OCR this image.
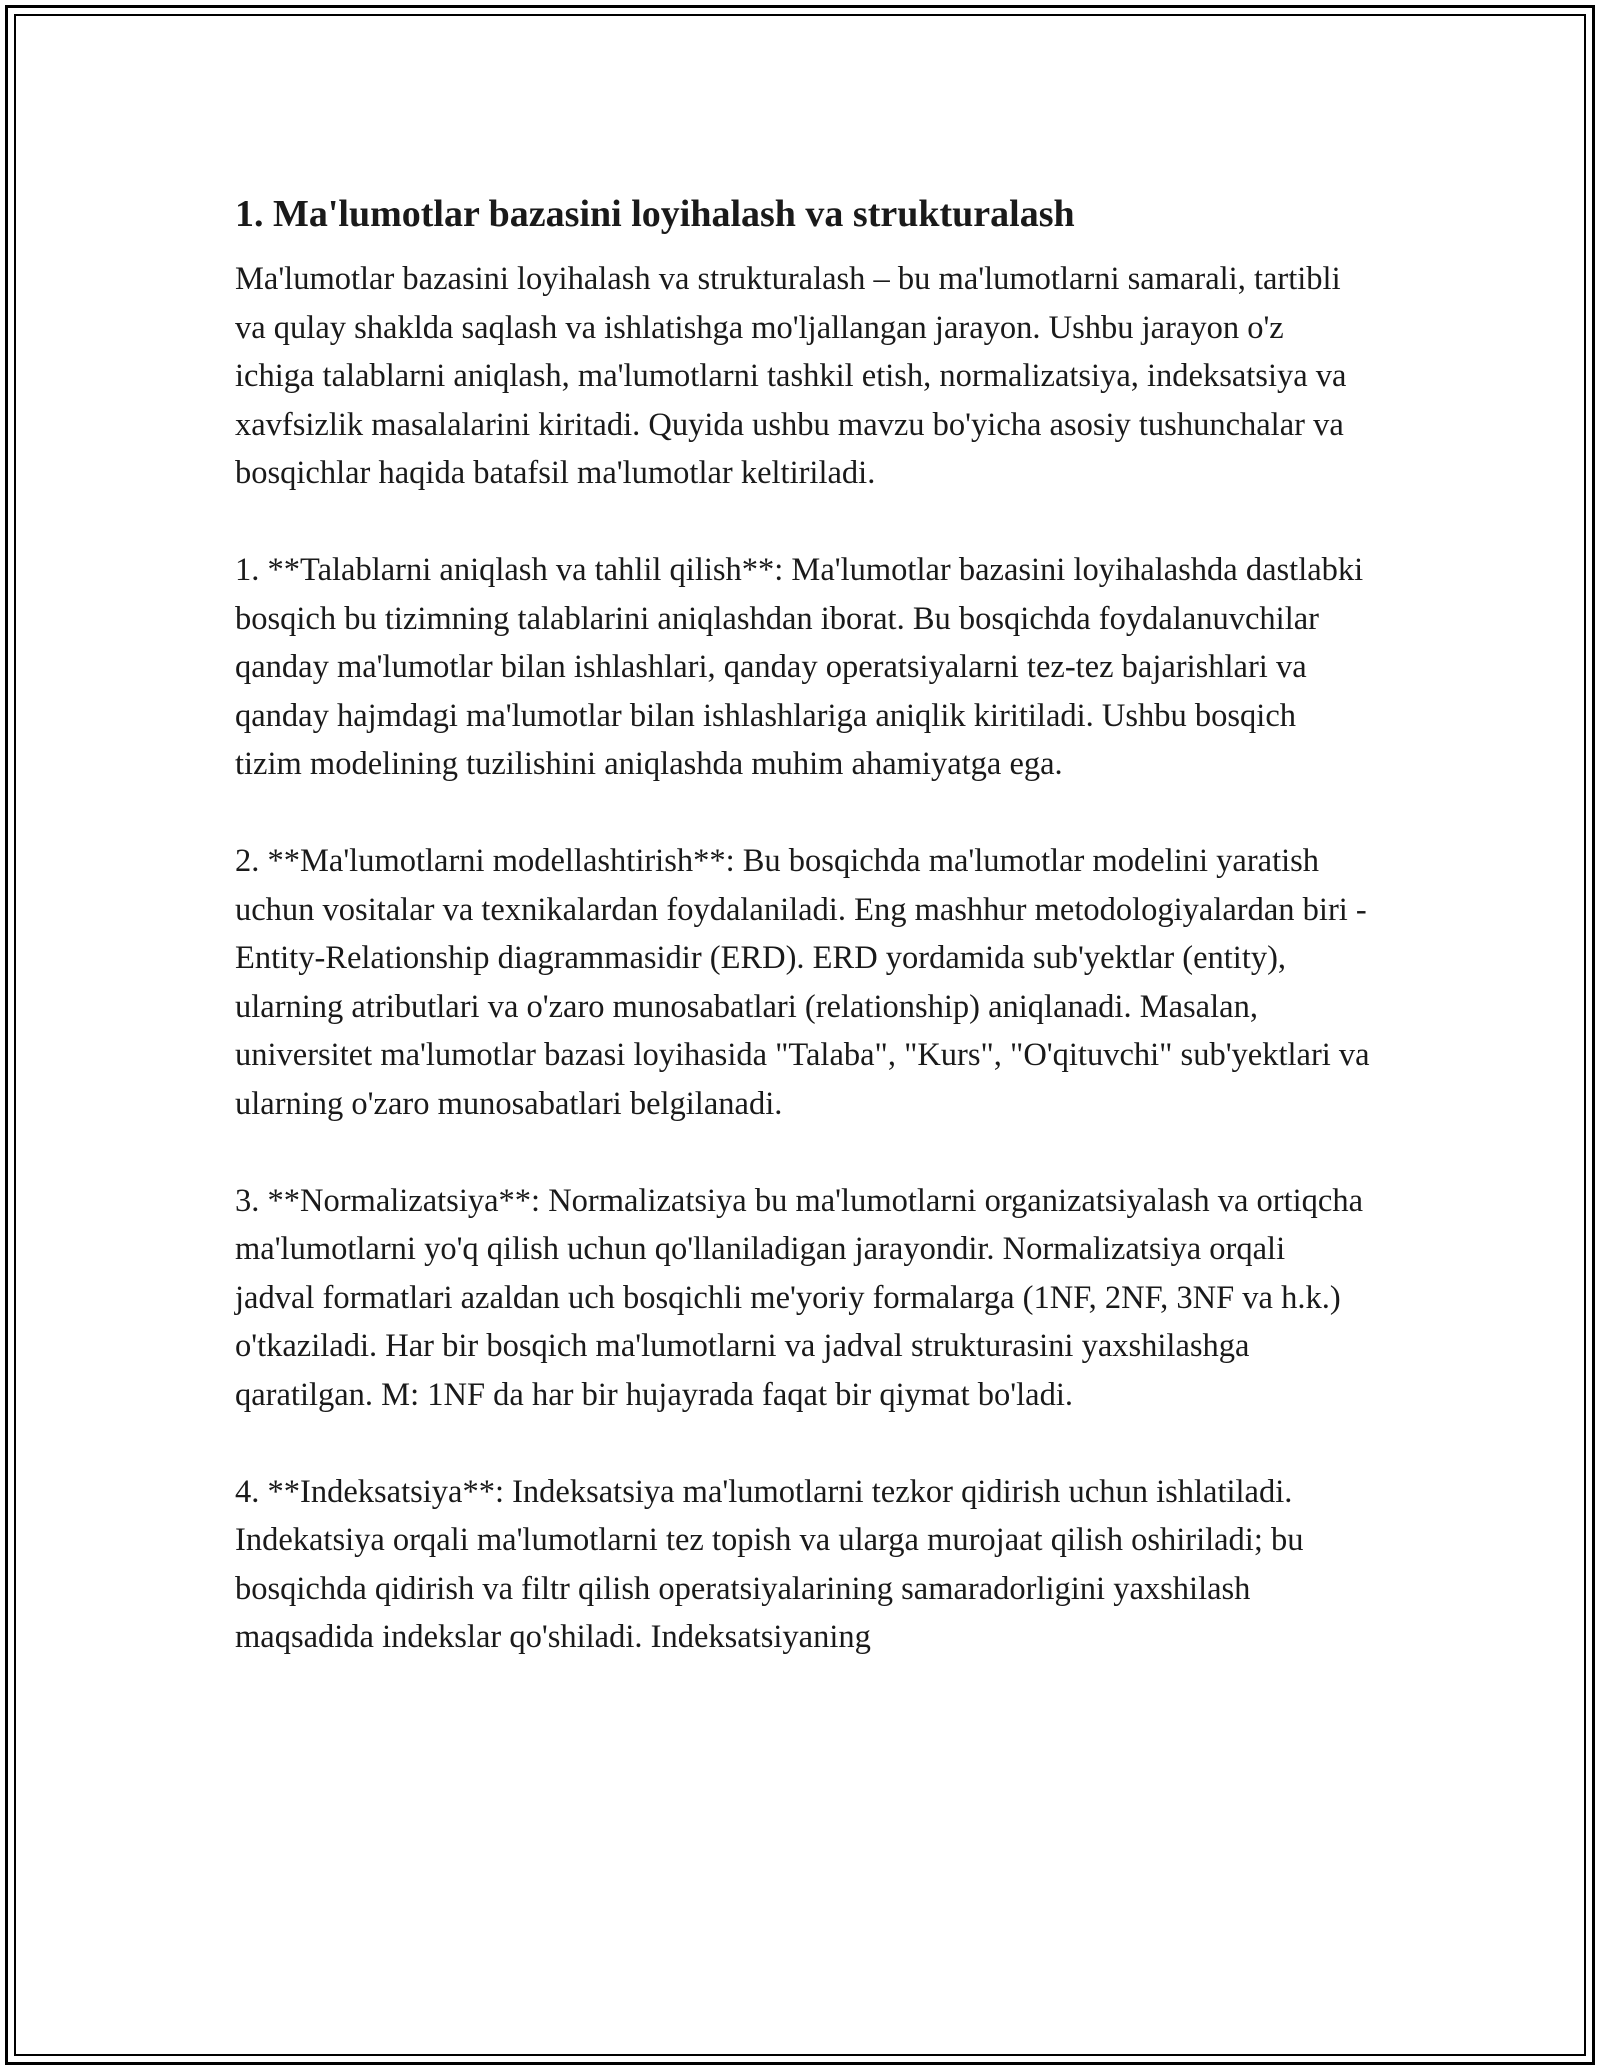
1. Ma'lumotlar bazasini loyihalash va strukturalash

Ma'lumotlar bazasini loyihalash va strukturalash – bu ma'lumotlarni samarali, tartibli va qulay shaklda saqlash va ishlatishga mo'ljallangan jarayon. Ushbu jarayon o'z ichiga talablarni aniqlash, ma'lumotlarni tashkil etish, normalizatsiya, indeksatsiya va xavfsizlik masalalarini kiritadi. Quyida ushbu mavzu bo'yicha asosiy tushunchalar va bosqichlar haqida batafsil ma'lumotlar keltiriladi.

1. **Talablarni aniqlash va tahlil qilish**: Ma'lumotlar bazasini loyihalashda dastlabki bosqich bu tizimning talablarini aniqlashdan iborat. Bu bosqichda foydalanuvchilar qanday ma'lumotlar bilan ishlashlari, qanday operatsiyalarni tez-tez bajarishlari va qanday hajmdagi ma'lumotlar bilan ishlashlariga aniqlik kiritiladi. Ushbu bosqich tizim modelining tuzilishini aniqlashda muhim ahamiyatga ega.

2. **Ma'lumotlarni modellashtirish**: Bu bosqichda ma'lumotlar modelini yaratish uchun vositalar va texnikalardan foydalaniladi. Eng mashhur metodologiyalardan biri - Entity-Relationship diagrammasidir (ERD). ERD yordamida sub'yektlar (entity), ularning atributlari va o'zaro munosabatlari (relationship) aniqlanadi. Masalan, universitet ma'lumotlar bazasi loyihasida "Talaba", "Kurs", "O'qituvchi" sub'yektlari va ularning o'zaro munosabatlari belgilanadi.

3. **Normalizatsiya**: Normalizatsiya bu ma'lumotlarni organizatsiyalash va ortiqcha ma'lumotlarni yo'q qilish uchun qo'llaniladigan jarayondir. Normalizatsiya orqali jadval formatlari azaldan uch bosqichli me'yoriy formalarga (1NF, 2NF, 3NF va h.k.) o'tkaziladi. Har bir bosqich ma'lumotlarni va jadval strukturasini yaxshilashga qaratilgan. M: 1NF da har bir hujayrada faqat bir qiymat bo'ladi.

4. **Indeksatsiya**: Indeksatsiya ma'lumotlarni tezkor qidirish uchun ishlatiladi. Indekatsiya orqali ma'lumotlarni tez topish va ularga murojaat qilish oshiriladi; bu bosqichda qidirish va filtr qilish operatsiyalarining samaradorligini yaxshilash maqsadida indekslar qo'shiladi. Indeksatsiyaning
